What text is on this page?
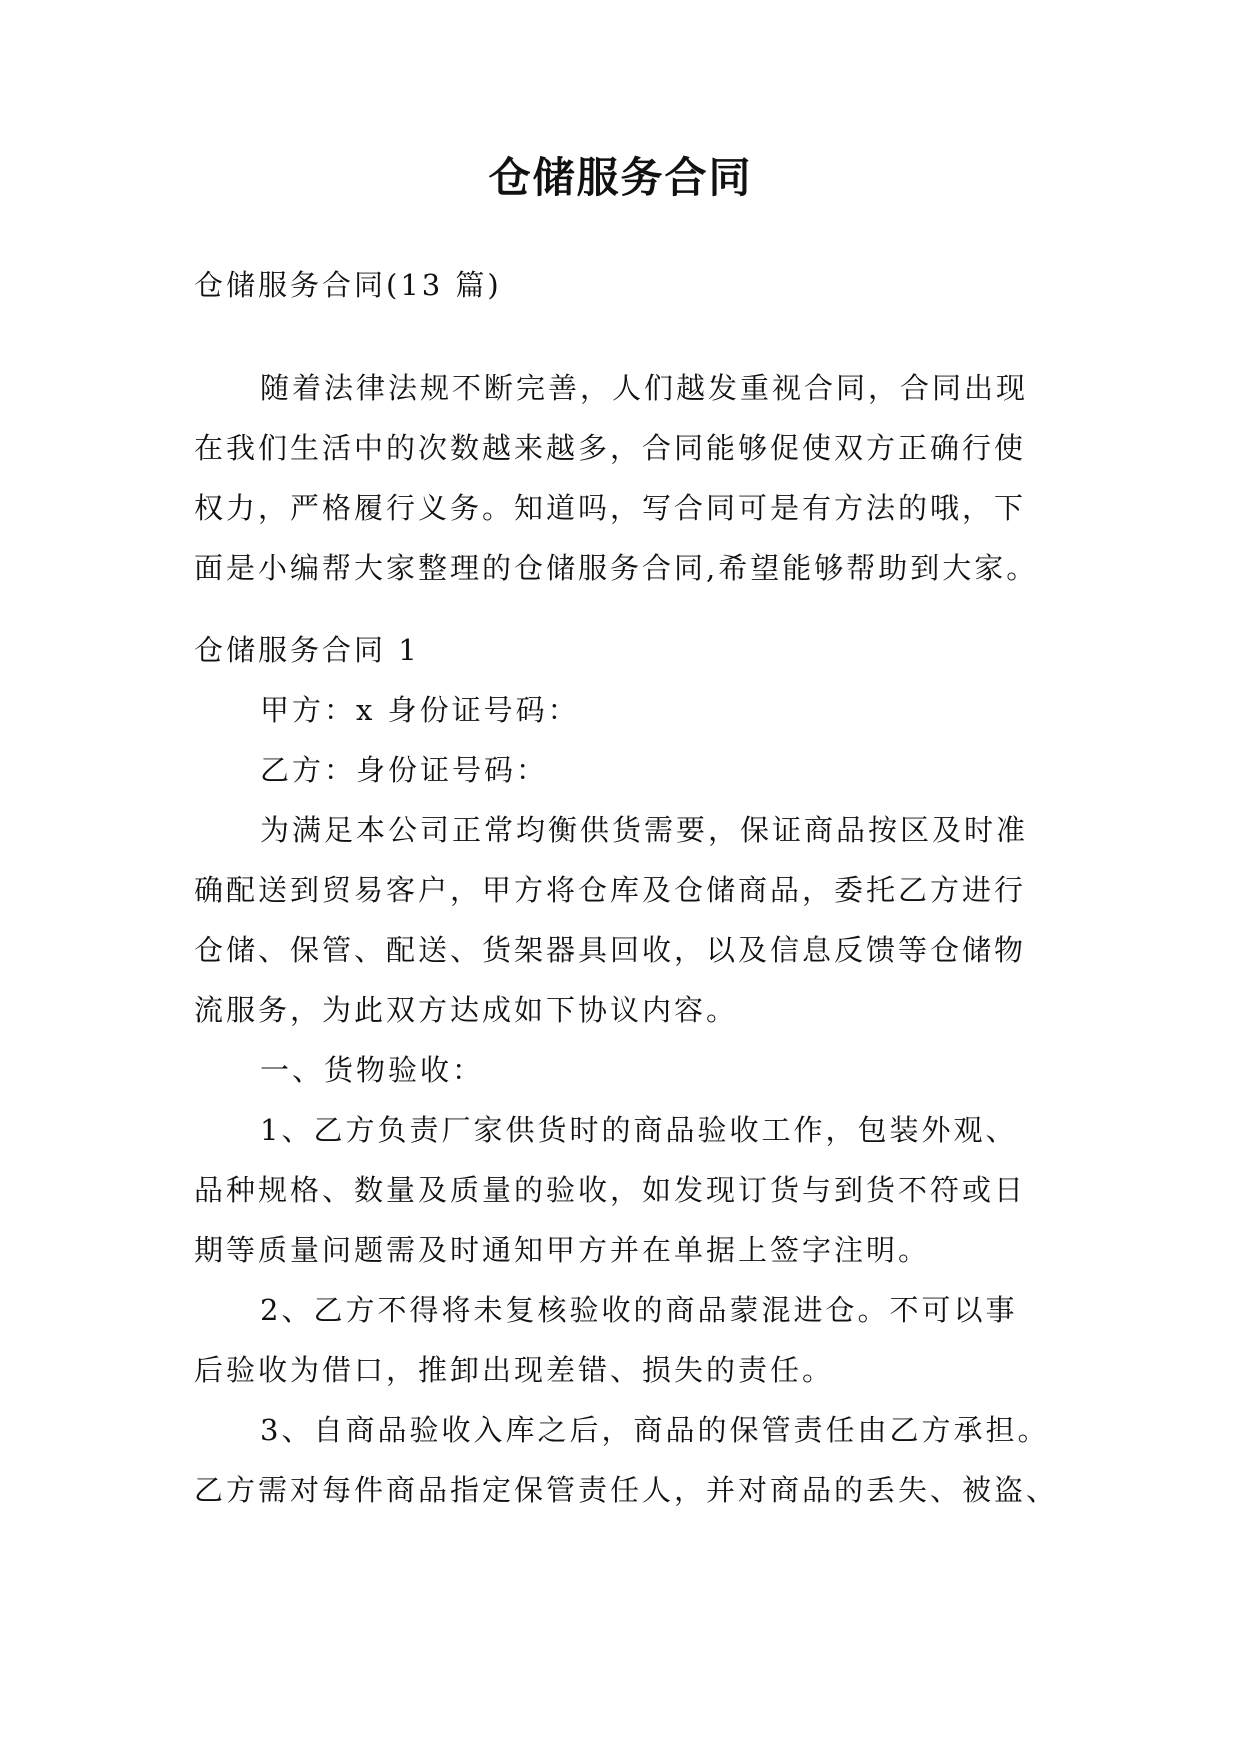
仓储服务合同
仓储服务合同(13 篇)
随着法律法规不断完善，人们越发重视合同，合同出现
在我们生活中的次数越来越多，合同能够促使双方正确行使
权力，严格履行义务。知道吗，写合同可是有方法的哦，下
面是小编帮大家整理的仓储服务合同,希望能够帮助到大家。
仓储服务合同 1
甲方：x 身份证号码：
乙方：身份证号码：
为满足本公司正常均衡供货需要，保证商品按区及时准
确配送到贸易客户，甲方将仓库及仓储商品，委托乙方进行
仓储、保管、配送、货架器具回收，以及信息反馈等仓储物
流服务，为此双方达成如下协议内容。
一、货物验收：
1、乙方负责厂家供货时的商品验收工作，包装外观、
品种规格、数量及质量的验收，如发现订货与到货不符或日
期等质量问题需及时通知甲方并在单据上签字注明。
2、乙方不得将未复核验收的商品蒙混进仓。不可以事
后验收为借口，推卸出现差错、损失的责任。
3、自商品验收入库之后，商品的保管责任由乙方承担。
乙方需对每件商品指定保管责任人，并对商品的丢失、被盗、
